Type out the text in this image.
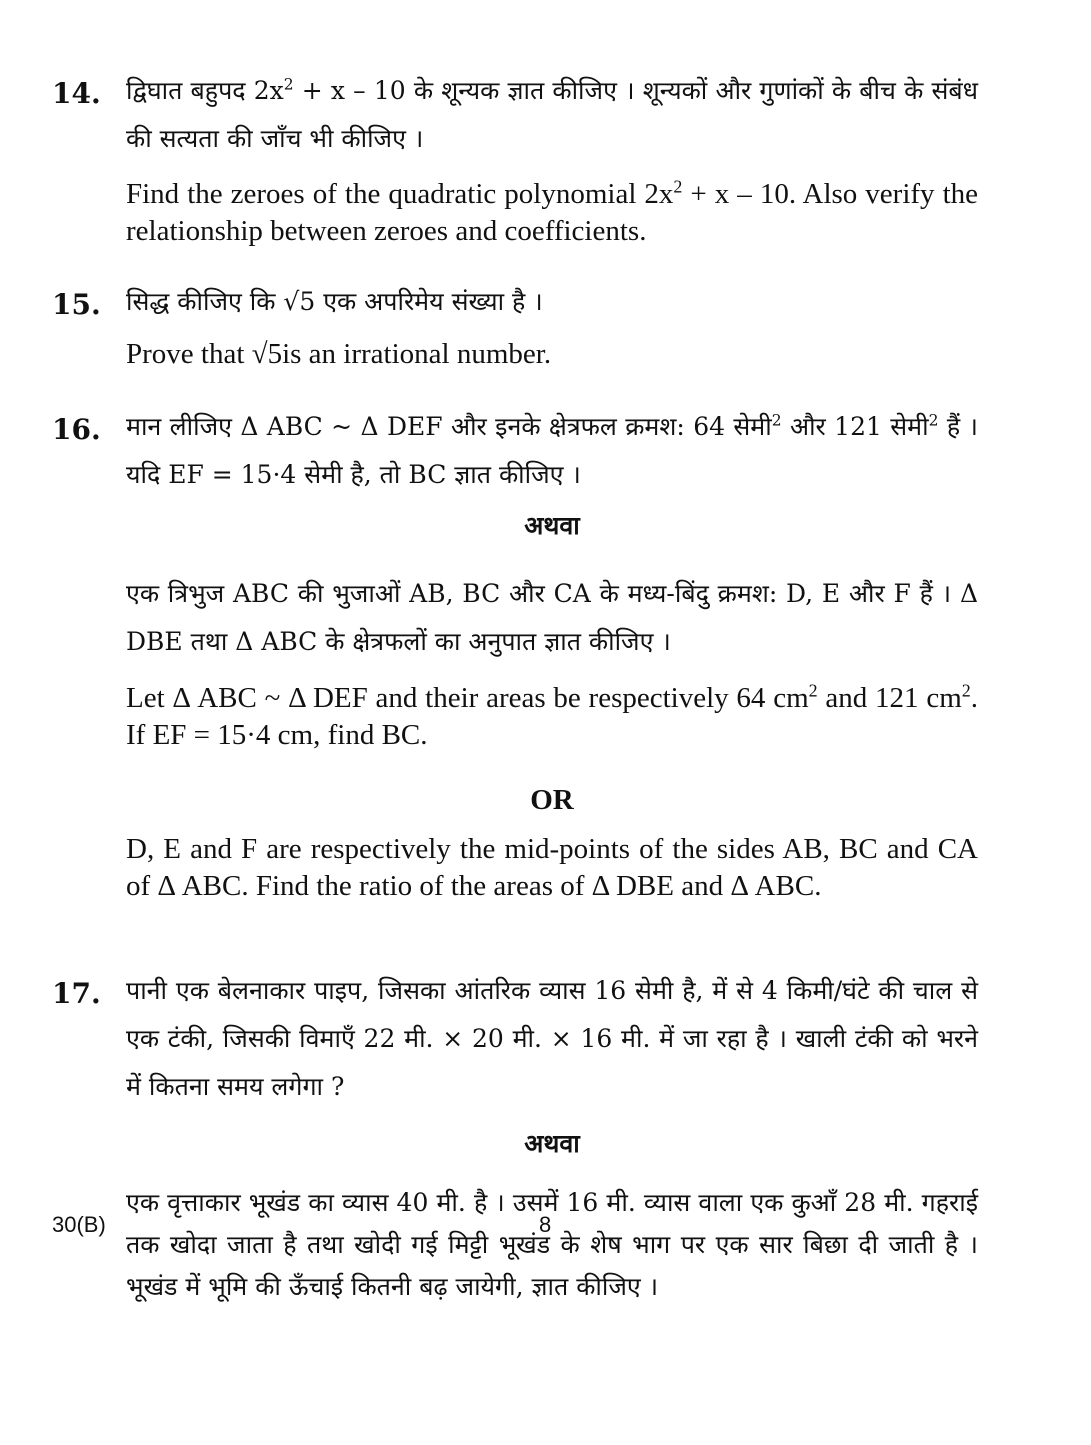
14. द्विघात बहुपद $2x^2 + x - 10$ के शून्यक ज्ञात कीजिए । शून्यकों और गुणांकों के बीच के संबंध की सत्यता की जाँच भी कीजिए ।
Find the zeroes of the quadratic polynomial $2x^2 + x - 10$. Also verify the relationship between zeroes and coefficients.
15. सिद्ध कीजिए कि √5 एक अपरिमेय संख्या है ।
Prove that √5is an irrational number.
16. मान लीजिए Δ ABC ~ Δ DEF और इनके क्षेत्रफल क्रमश: 64 सेमी$^2$ और 121 सेमी$^2$ हैं । यदि EF = 15·4 सेमी है, तो BC ज्ञात कीजिए ।
अथवा
एक त्रिभुज ABC की भुजाओं AB, BC और CA के मध्य-बिंदु क्रमश: D, E और F हैं । Δ DBE तथा Δ ABC के क्षेत्रफलों का अनुपात ज्ञात कीजिए ।
Let Δ ABC ~ Δ DEF and their areas be respectively 64 $cm^2$ and 121 $cm^2$. If EF = 15·4 cm, find BC.
OR
D, E and F are respectively the mid-points of the sides AB, BC and CA of Δ ABC. Find the ratio of the areas of Δ DBE and Δ ABC.
17. पानी एक बेलनाकार पाइप, जिसका आंतरिक व्यास 16 सेमी है, में से 4 किमी/घंटे की चाल से एक टंकी, जिसकी विमाएँ 22 मी. × 20 मी. × 16 मी. में जा रहा है । खाली टंकी को भरने में कितना समय लगेगा ?
अथवा
एक वृत्ताकार भूखंड का व्यास 40 मी. है । उसमें 16 मी. व्यास वाला एक कुआँ 28 मी. गहराई तक खोदा जाता है तथा खोदी गई मिट्टी भूखंड के शेष भाग पर एक सार बिछा दी जाती है । भूखंड में भूमि की ऊँचाई कितनी बढ़ जायेगी, ज्ञात कीजिए ।
30(B)	8
